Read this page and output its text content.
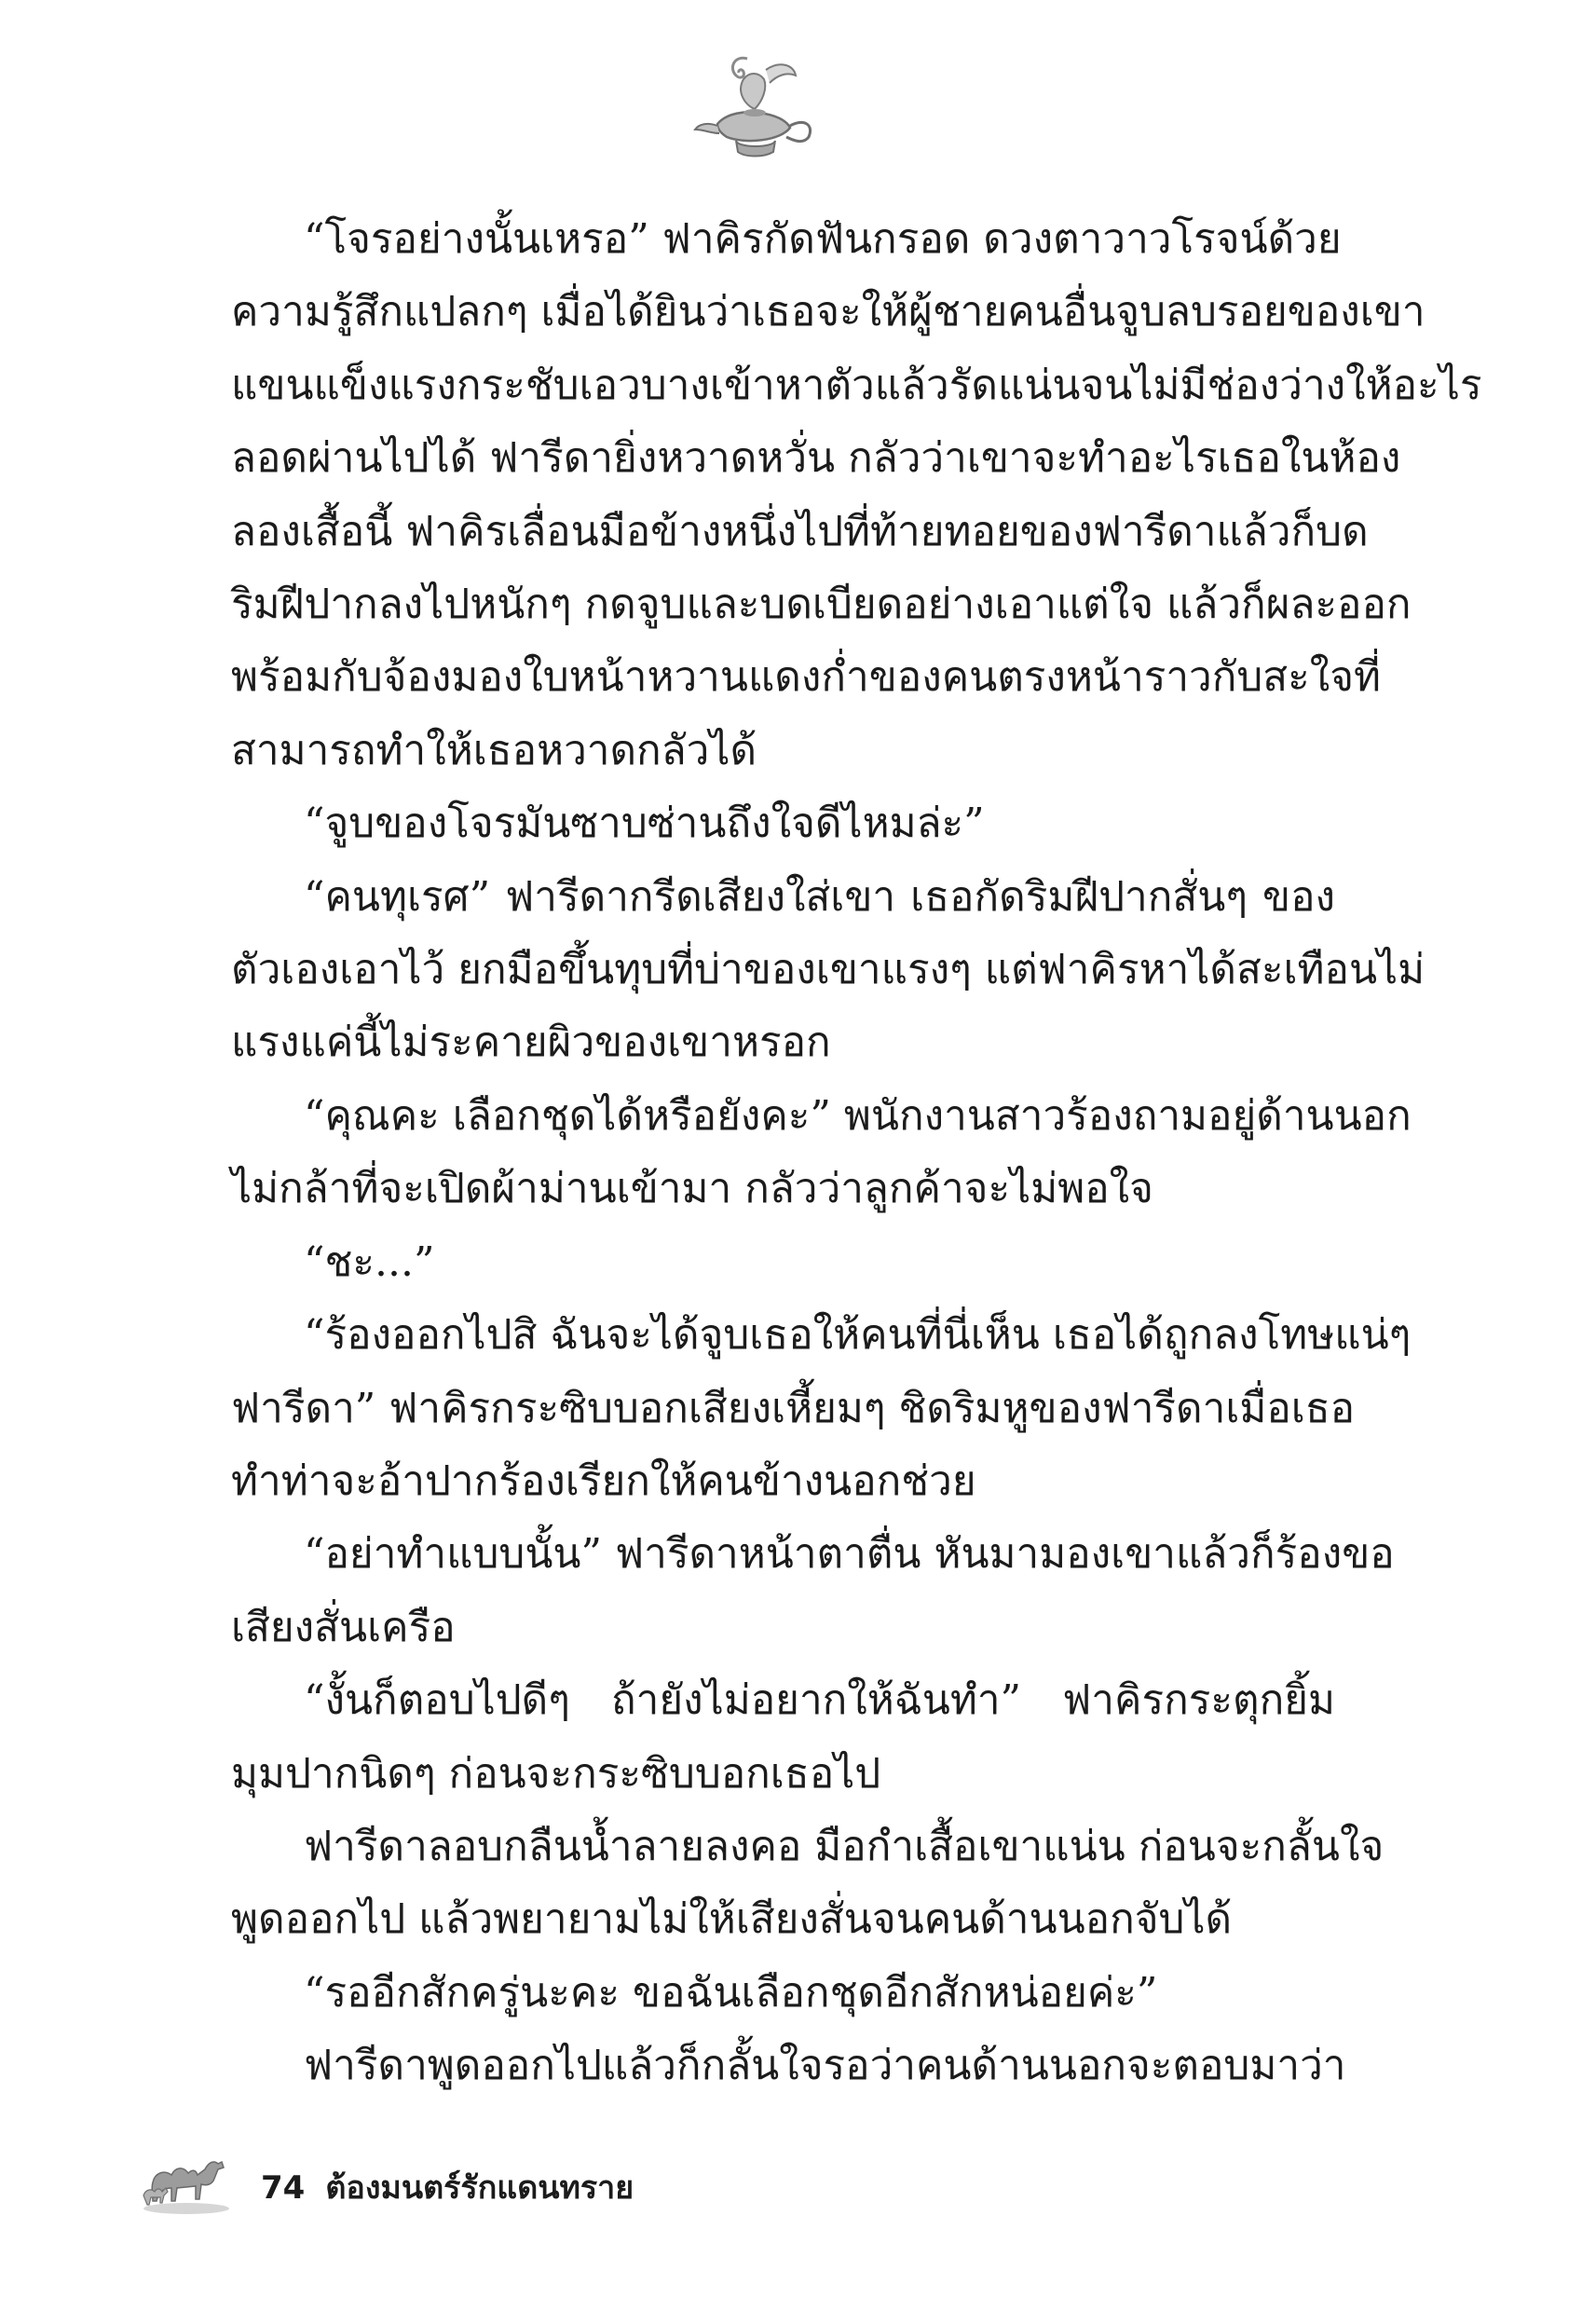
“โจรอย่างนั้นเหรอ” ฟาคิรกัดฟันกรอด ดวงตาวาวโรจน์ด้วย
ความรู้สึกแปลกๆ เมื่อได้ยินว่าเธอจะให้ผู้ชายคนอื่นจูบลบรอยของเขา
แขนแข็งแรงกระชับเอวบางเข้าหาตัวแล้วรัดแน่นจนไม่มีช่องว่างให้อะไร
ลอดผ่านไปได้ ฟารีดายิ่งหวาดหวั่น กลัวว่าเขาจะทำอะไรเธอในห้อง
ลองเสื้อนี้ ฟาคิรเลื่อนมือข้างหนึ่งไปที่ท้ายทอยของฟารีดาแล้วก็บด
ริมฝีปากลงไปหนักๆ กดจูบและบดเบียดอย่างเอาแต่ใจ แล้วก็ผละออก
พร้อมกับจ้องมองใบหน้าหวานแดงก่ำของคนตรงหน้าราวกับสะใจที่
สามารถทำให้เธอหวาดกลัวได้
“จูบของโจรมันซาบซ่านถึงใจดีไหมล่ะ”
“คนทุเรศ” ฟารีดากรีดเสียงใส่เขา เธอกัดริมฝีปากสั่นๆ ของ
ตัวเองเอาไว้ ยกมือขึ้นทุบที่บ่าของเขาแรงๆ แต่ฟาคิรหาได้สะเทือนไม่
แรงแค่นี้ไม่ระคายผิวของเขาหรอก
“คุณคะ เลือกชุดได้หรือยังคะ” พนักงานสาวร้องถามอยู่ด้านนอก
ไม่กล้าที่จะเปิดผ้าม่านเข้ามา กลัวว่าลูกค้าจะไม่พอใจ
“ชะ...”
“ร้องออกไปสิ ฉันจะได้จูบเธอให้คนที่นี่เห็น เธอได้ถูกลงโทษแน่ๆ
ฟารีดา” ฟาคิรกระซิบบอกเสียงเหี้ยมๆ ชิดริมหูของฟารีดาเมื่อเธอ
ทำท่าจะอ้าปากร้องเรียกให้คนข้างนอกช่วย
“อย่าทำแบบนั้น” ฟารีดาหน้าตาตื่น หันมามองเขาแล้วก็ร้องขอ
เสียงสั่นเครือ
“งั้นก็ตอบไปดีๆ ถ้ายังไม่อยากให้ฉันทำ” ฟาคิรกระตุกยิ้ม
มุมปากนิดๆ ก่อนจะกระซิบบอกเธอไป
ฟารีดาลอบกลืนน้ำลายลงคอ มือกำเสื้อเขาแน่น ก่อนจะกลั้นใจ
พูดออกไป แล้วพยายามไม่ให้เสียงสั่นจนคนด้านนอกจับได้
“รออีกสักครู่นะคะ ขอฉันเลือกชุดอีกสักหน่อยค่ะ”
ฟารีดาพูดออกไปแล้วก็กลั้นใจรอว่าคนด้านนอกจะตอบมาว่า
74 ต้องมนตร์รักแดนทราย
